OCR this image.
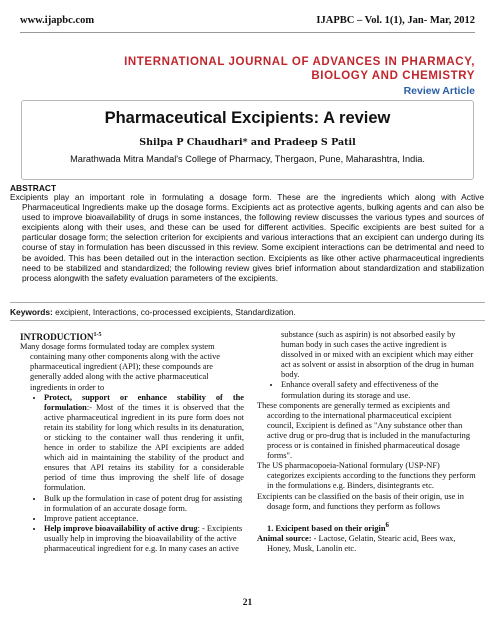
www.ijapbc.com	IJAPBC – Vol. 1(1), Jan- Mar, 2012
INTERNATIONAL JOURNAL OF ADVANCES IN PHARMACY,
BIOLOGY AND CHEMISTRY
Review Article
Pharmaceutical Excipients: A review
Shilpa P Chaudhari* and Pradeep S Patil
Marathwada Mitra Mandal's College of Pharmacy, Thergaon, Pune, Maharashtra, India.
ABSTRACT
Excipients play an important role in formulating a dosage form. These are the ingredients which along with Active Pharmaceutical Ingredients make up the dosage forms. Excipients act as protective agents, bulking agents and can also be used to improve bioavailability of drugs in some instances, the following review discusses the various types and sources of excipients along with their uses, and these can be used for different activities. Specific excipients are best suited for a particular dosage form; the selection criterion for excipients and various interactions that an excipient can undergo during its course of stay in formulation has been discussed in this review. Some excipient interactions can be detrimental and need to be avoided. This has been detailed out in the interaction section. Excipients as like other active pharmaceutical ingredients need to be stabilized and standardized; the following review gives brief information about standardization and stabilization process alongwith the safety evaluation parameters of the excipients.
Keywords: excipient, Interactions, co-processed excipients, Standardization.
INTRODUCTION$^{1-5}$
Many dosage forms formulated today are complex system containing many other components along with the active pharmaceutical ingredient (API); these compounds are generally added along with the active pharmaceutical ingredients in order to
• Protect, support or enhance stability of the formulation:- Most of the times it is observed that the active pharmaceutical ingredient in its pure form does not retain its stability for long which results in its denaturation, or sticking to the container wall thus rendering it unfit, hence in order to stabilize the API excipients are added which aid in maintaining the stability of the product and ensures that API retains its stability for a considerable period of time thus improving the shelf life of dosage formulation.
• Bulk up the formulation in case of potent drug for assisting in formulation of an accurate dosage form.
• Improve patient acceptance.
• Help improve bioavailability of active drug: - Excipients usually help in improving the bioavailability of the active pharmaceutical ingredient for e.g. In many cases an active
substance (such as aspirin) is not absorbed easily by human body in such cases the active ingredient is dissolved in or mixed with an excipient which may either act as solvent or assist in absorption of the drug in human body.
• Enhance overall safety and effectiveness of the formulation during its storage and use.
These components are generally termed as excipients and according to the international pharmaceutical excipient council, Excipient is defined as "Any substance other than active drug or pro-drug that is included in the manufacturing process or is contained in finished pharmaceutical dosage forms".
The US pharmacopoeia-National formulary (USP-NF) categorizes excipients according to the functions they perform in the formulations e.g. Binders, disintegrants etc.
Excipients can be classified on the basis of their origin, use in dosage form, and functions they perform as follows
1. Exicipent based on their origin$^6$
Animal source: - Lactose, Gelatin, Stearic acid, Bees wax, Honey, Musk, Lanolin etc.
21
